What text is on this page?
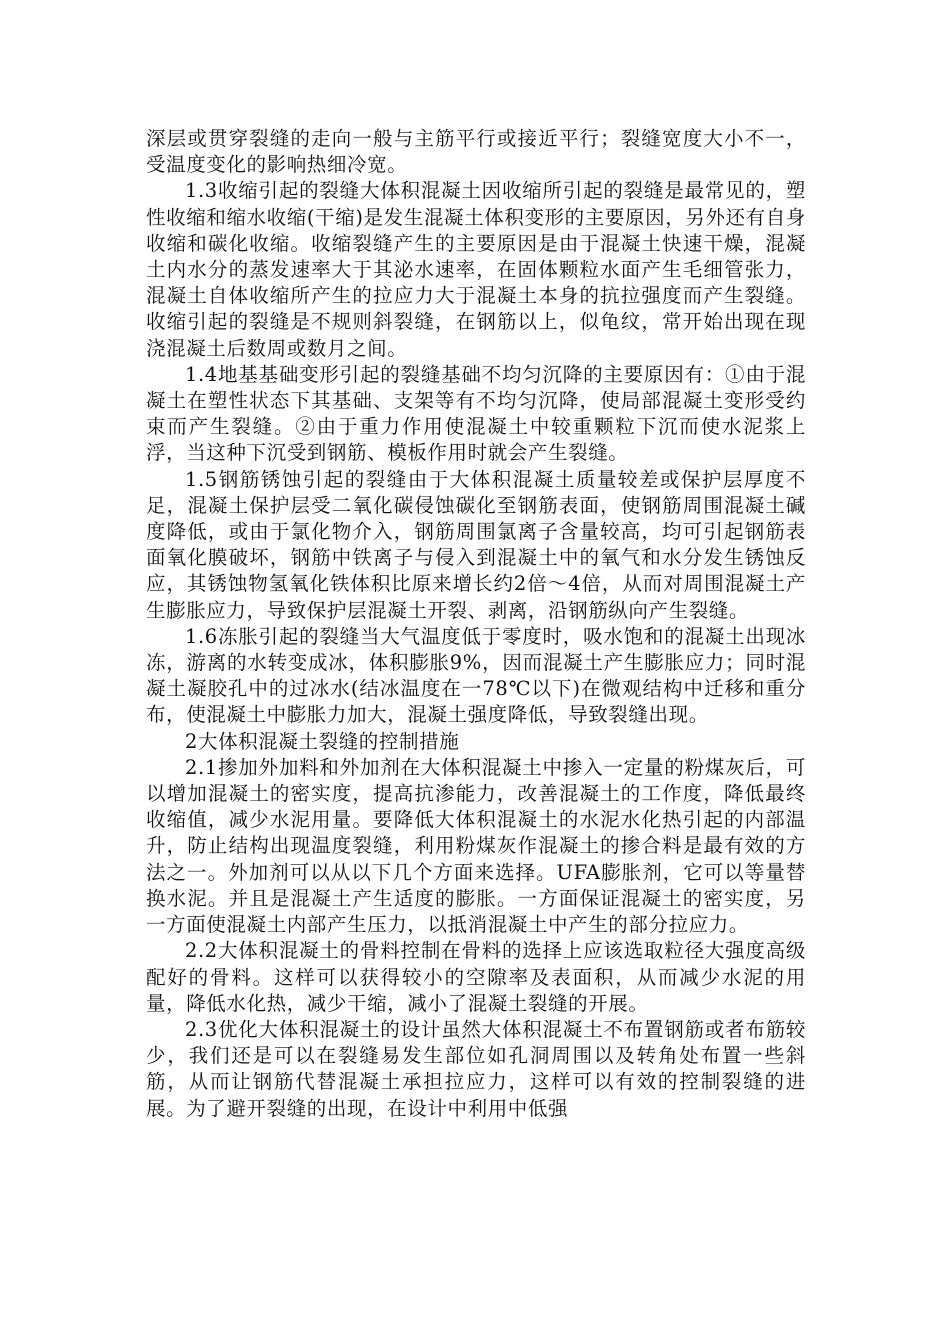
深层或贯穿裂缝的走向一般与主筋平行或接近平行；裂缝宽度大小不一，受温度变化的影响热细冷宽。

1.3收缩引起的裂缝大体积混凝土因收缩所引起的裂缝是最常见的，塑性收缩和缩水收缩(干缩)是发生混凝土体积变形的主要原因，另外还有自身收缩和碳化收缩。收缩裂缝产生的主要原因是由于混凝土快速干燥，混凝土内水分的蒸发速率大于其泌水速率，在固体颗粒水面产生毛细管张力，混凝土自体收缩所产生的拉应力大于混凝土本身的抗拉强度而产生裂缝。收缩引起的裂缝是不规则斜裂缝，在钢筋以上，似龟纹，常开始出现在现浇混凝土后数周或数月之间。

1.4地基基础变形引起的裂缝基础不均匀沉降的主要原因有：①由于混凝土在塑性状态下其基础、支架等有不均匀沉降，使局部混凝土变形受约束而产生裂缝。②由于重力作用使混凝土中较重颗粒下沉而使水泥浆上浮，当这种下沉受到钢筋、模板作用时就会产生裂缝。

1.5钢筋锈蚀引起的裂缝由于大体积混凝土质量较差或保护层厚度不足，混凝土保护层受二氧化碳侵蚀碳化至钢筋表面，使钢筋周围混凝土碱度降低，或由于氯化物介入，钢筋周围氯离子含量较高，均可引起钢筋表面氧化膜破坏，钢筋中铁离子与侵入到混凝土中的氧气和水分发生锈蚀反应，其锈蚀物氢氧化铁体积比原来增长约2倍～4倍，从而对周围混凝土产生膨胀应力，导致保护层混凝土开裂、剥离，沿钢筋纵向产生裂缝。

1.6冻胀引起的裂缝当大气温度低于零度时，吸水饱和的混凝土出现冰冻，游离的水转变成冰，体积膨胀9%，因而混凝土产生膨胀应力；同时混凝土凝胶孔中的过冰水(结冰温度在一78℃以下)在微观结构中迁移和重分布，使混凝土中膨胀力加大，混凝土强度降低，导致裂缝出现。

2大体积混凝土裂缝的控制措施

2.1掺加外加料和外加剂在大体积混凝土中掺入一定量的粉煤灰后，可以增加混凝土的密实度，提高抗渗能力，改善混凝土的工作度，降低最终收缩值，减少水泥用量。要降低大体积混凝土的水泥水化热引起的内部温升，防止结构出现温度裂缝，利用粉煤灰作混凝土的掺合料是最有效的方法之一。外加剂可以从以下几个方面来选择。UFA膨胀剂，它可以等量替换水泥。并且是混凝土产生适度的膨胀。一方面保证混凝土的密实度，另一方面使混凝土内部产生压力，以抵消混凝土中产生的部分拉应力。

2.2大体积混凝土的骨料控制在骨料的选择上应该选取粒径大强度高级配好的骨料。这样可以获得较小的空隙率及表面积，从而减少水泥的用量，降低水化热，减少干缩，减小了混凝土裂缝的开展。

2.3优化大体积混凝土的设计虽然大体积混凝土不布置钢筋或者布筋较少，我们还是可以在裂缝易发生部位如孔洞周围以及转角处布置一些斜筋，从而让钢筋代替混凝土承担拉应力，这样可以有效的控制裂缝的进展。为了避开裂缝的出现，在设计中利用中低强
